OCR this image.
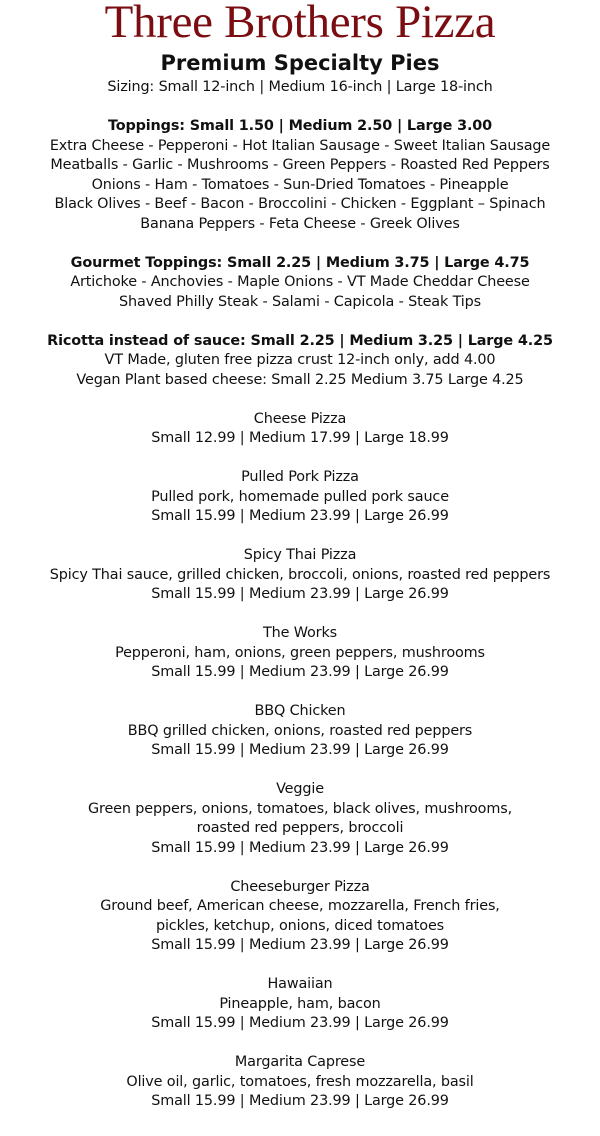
Three Brothers Pizza
Premium Specialty Pies
Sizing: Small 12-inch | Medium 16-inch | Large 18-inch
Toppings: Small 1.50 | Medium 2.50 | Large 3.00
Extra Cheese - Pepperoni - Hot Italian Sausage - Sweet Italian Sausage
Meatballs - Garlic - Mushrooms - Green Peppers - Roasted Red Peppers
Onions - Ham - Tomatoes - Sun-Dried Tomatoes - Pineapple
Black Olives - Beef - Bacon - Broccolini - Chicken - Eggplant – Spinach
Banana Peppers - Feta Cheese - Greek Olives
Gourmet Toppings: Small 2.25 | Medium 3.75 | Large 4.75
Artichoke - Anchovies - Maple Onions - VT Made Cheddar Cheese
Shaved Philly Steak - Salami - Capicola - Steak Tips
Ricotta instead of sauce: Small 2.25 | Medium 3.25 | Large 4.25
VT Made, gluten free pizza crust 12-inch only, add 4.00
Vegan Plant based cheese: Small 2.25 Medium 3.75 Large 4.25
Cheese Pizza
Small 12.99 | Medium 17.99 | Large 18.99
Pulled Pork Pizza
Pulled pork, homemade pulled pork sauce
Small 15.99 | Medium 23.99 | Large 26.99
Spicy Thai Pizza
Spicy Thai sauce, grilled chicken, broccoli, onions, roasted red peppers
Small 15.99 | Medium 23.99 | Large 26.99
The Works
Pepperoni, ham, onions, green peppers, mushrooms
Small 15.99 | Medium 23.99 | Large 26.99
BBQ Chicken
BBQ grilled chicken, onions, roasted red peppers
Small 15.99 | Medium 23.99 | Large 26.99
Veggie
Green peppers, onions, tomatoes, black olives, mushrooms,
roasted red peppers, broccoli
Small 15.99 | Medium 23.99 | Large 26.99
Cheeseburger Pizza
Ground beef, American cheese, mozzarella, French fries,
pickles, ketchup, onions, diced tomatoes
Small 15.99 | Medium 23.99 | Large 26.99
Hawaiian
Pineapple, ham, bacon
Small 15.99 | Medium 23.99 | Large 26.99
Margarita Caprese
Olive oil, garlic, tomatoes, fresh mozzarella, basil
Small 15.99 | Medium 23.99 | Large 26.99
